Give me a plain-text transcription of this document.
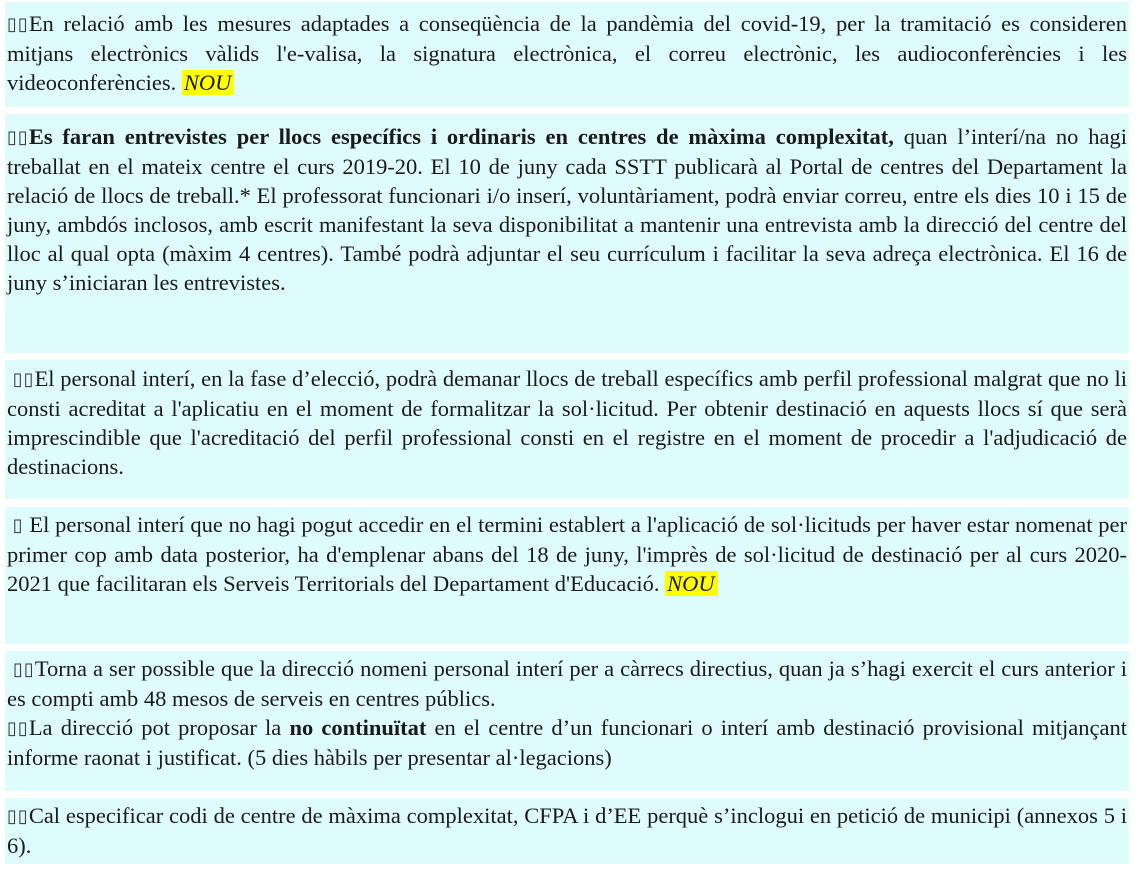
▯▯En relació amb les mesures adaptades a conseqüència de la pandèmia del covid-19, per la tramitació es consideren mitjans electrònics vàlids l'e-valisa, la signatura electrònica, el correu electrònic, les audioconferències i les videoconferències. NOU

▯▯Es faran entrevistes per llocs específics i ordinaris en centres de màxima complexitat, quan l’interí/na no hagi treballat en el mateix centre el curs 2019-20. El 10 de juny cada SSTT publicarà al Portal de centres del Departament la relació de llocs de treball.* El professorat funcionari i/o inserí, voluntàriament, podrà enviar correu, entre els dies 10 i 15 de juny, ambdós inclosos, amb escrit manifestant la seva disponibilitat a mantenir una entrevista amb la direcció del centre del lloc al qual opta (màxim 4 centres). També podrà adjuntar el seu currículum i facilitar la seva adreça electrònica. El 16 de juny s’iniciaran les entrevistes.

▯▯El personal interí, en la fase d’elecció, podrà demanar llocs de treball específics amb perfil professional malgrat que no li consti acreditat a l'aplicatiu en el moment de formalitzar la sol·licitud. Per obtenir destinació en aquests llocs sí que serà imprescindible que l'acreditació del perfil professional consti en el registre en el moment de procedir a l'adjudicació de destinacions.

▯ El personal interí que no hagi pogut accedir en el termini establert a l'aplicació de sol·licituds per haver estar nomenat per primer cop amb data posterior, ha d'emplenar abans del 18 de juny, l'imprès de sol·licitud de destinació per al curs 2020-2021 que facilitaran els Serveis Territorials del Departament d'Educació. NOU

▯▯Torna a ser possible que la direcció nomeni personal interí per a càrrecs directius, quan ja s’hagi exercit el curs anterior i es compti amb 48 mesos de serveis en centres públics.

▯▯La direcció pot proposar la no continuïtat en el centre d’un funcionari o interí amb destinació provisional mitjançant informe raonat i justificat. (5 dies hàbils per presentar al·legacions)

▯▯Cal especificar codi de centre de màxima complexitat, CFPA i d’EE perquè s’inclogui en petició de municipi (annexos 5 i 6).
